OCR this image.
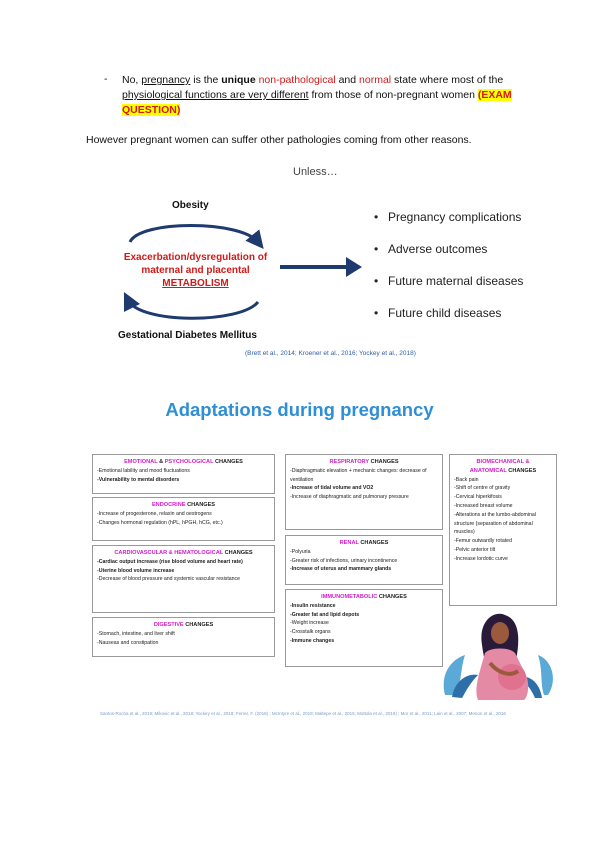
- No, pregnancy is the unique non-pathological and normal state where most of the physiological functions are very different from those of non-pregnant women (EXAM QUESTION)
However pregnant women can suffer other pathologies coming from other reasons.
Unless…
Obesity
Exacerbation/dysregulation of maternal and placental
METABOLISM
Gestational Diabetes Mellitus
(Brett et al., 2014; Kroener et al., 2016; Yockey et al., 2018)
• Pregnancy complications
• Adverse outcomes
• Future maternal diseases
• Future child diseases
Adaptations during pregnancy
EMOTIONAL & PSYCHOLOGICAL CHANGES
-Emotional lability and mood fluctuations
-Vulnerability to mental disorders
ENDOCRINE CHANGES
-Increase of progesterone, relaxin and oestrogens
-Changes hormonal regulation (hPL, hPGH, hCG, etc.)
CARDIOVASCULAR & HEMATOLOGICAL CHANGES
-Cardiac output increase (rise blood volume and heart rate)
-Uterine blood volume increase
-Decrease of blood pressure and systemic vascular resistance
DIGESTIVE CHANGES
-Stomach, intestine, and liver shift
-Nauseas and constipation
RESPIRATORY CHANGES
-Diaphragmatic elevation + mechanic changes: decrease of ventilation
-Increase of tidal volume and VO2
-Increase of diaphragmatic and pulmonary pressure
RENAL CHANGES
-Polyuria
-Greater risk of infections, urinary incontinence
-Increase of uterus and mammary glands
IMMUNOMETABOLIC CHANGES
-Insulin resistance
-Greater fat and lipid depots
-Weight increase
-Crosstalk organs
-Immune changes
BIOMECHANICAL &
ANATOMICAL CHANGES
-Back pain
-Shift of centre of gravity
-Cervical hiperkifosis
-Increased breast volume
-Alterations at the lumbo-abdominal structure (separation of abdominal muscles)
-Femur outwardly rotated
-Pelvic anterior tilt
-Increase lordotic curve
Santos-Rocha et al., 2019; Mikovic et al., 2018; Yockey et al., 2018; Ferrer, F. (2018) ; McIntyre et al., 2019; Maltepe et al., 2015; Mottola et al., 2019) ; Mor et al., 2011; Lain et al., 2007; Menon et al., 2016
